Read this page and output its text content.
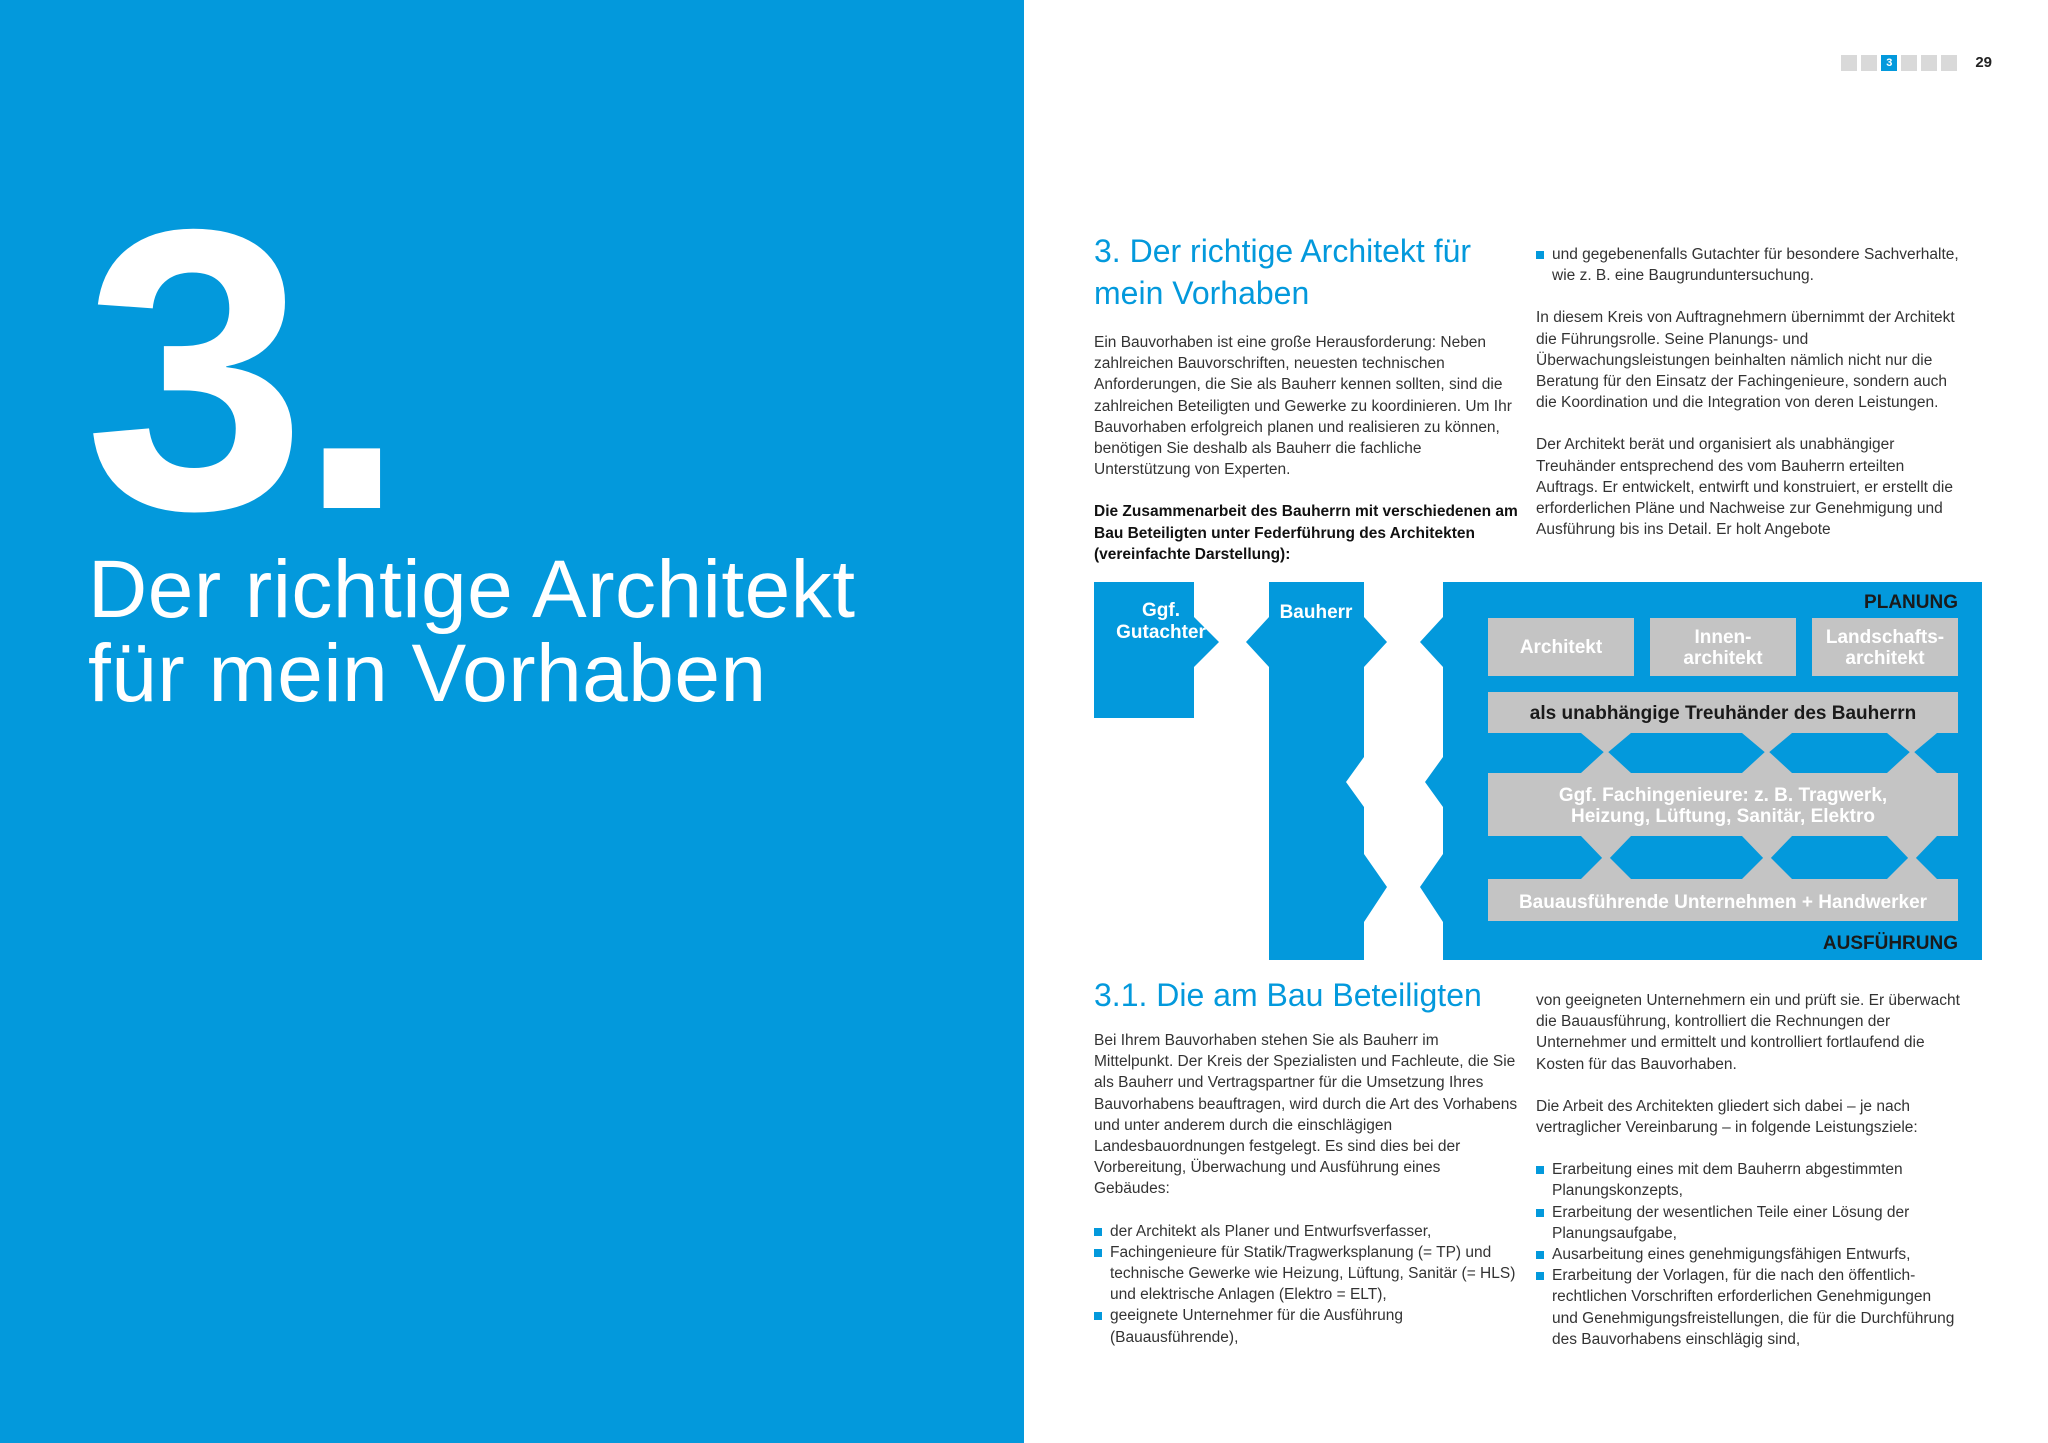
3.
Der richtige Architekt
für mein Vorhaben
3	29
3. Der richtige Architekt für
mein Vorhaben

Ein Bauvorhaben ist eine große Herausforderung: Neben zahlreichen Bauvorschriften, neuesten technischen Anforderungen, die Sie als Bauherr kennen sollten, sind die zahlreichen Beteiligten und Gewerke zu koordinieren. Um Ihr Bauvorhaben erfolgreich planen und realisieren zu können, benötigen Sie deshalb als Bauherr die fachliche Unterstützung von Experten.

Die Zusammenarbeit des Bauherrn mit verschiedenen am Bau Beteiligten unter Federführung des Architekten (vereinfachte Darstellung):

und gegebenenfalls Gutachter für besondere Sachverhalte, wie z. B. eine Baugrunduntersuchung.

In diesem Kreis von Auftragnehmern übernimmt der Architekt die Führungsrolle. Seine Planungs- und Überwachungsleistungen beinhalten nämlich nicht nur die Beratung für den Einsatz der Fachingenieure, sondern auch die Koordination und die Integration von deren Leistungen.

Der Architekt berät und organisiert als unabhängiger Treuhänder entsprechend des vom Bauherrn erteilten Auftrags. Er entwickelt, entwirft und konstruiert, er erstellt die erforderlichen Pläne und Nachweise zur Genehmigung und Ausführung bis ins Detail. Er holt Angebote

Ggf.
Gutachter
Bauherr	PLANUNG
AUSFÜHRUNG
Architekt	Innen-
architekt
Landschafts-
architekt
als unabhängige Treuhänder des Bauherrn
Ggf. Fachingenieure: z. B. Tragwerk,
Heizung, Lüftung, Sanitär, Elektro
Bauausführende Unternehmen + Handwerker
3.1. Die am Bau Beteiligten

Bei Ihrem Bauvorhaben stehen Sie als Bauherr im Mittelpunkt. Der Kreis der Spezialisten und Fachleute, die Sie als Bauherr und Vertragspartner für die Umsetzung Ihres Bauvorhabens beauftragen, wird durch die Art des Vorhabens und unter anderem durch die einschlägigen Landesbauordnungen festgelegt. Es sind dies bei der Vorbereitung, Überwachung und Ausführung eines Gebäudes:

der Architekt als Planer und Entwurfsverfasser,
Fachingenieure für Statik/Tragwerksplanung (= TP) und technische Gewerke wie Heizung, Lüftung, Sanitär (= HLS) und elektrische Anlagen (Elektro = ELT),
geeignete Unternehmer für die Ausführung (Bauausführende),

von geeigneten Unternehmern ein und prüft sie. Er überwacht die Bauausführung, kontrolliert die Rechnungen der Unternehmer und ermittelt und kontrolliert fortlaufend die Kosten für das Bauvorhaben.

Die Arbeit des Architekten gliedert sich dabei – je nach vertraglicher Vereinbarung – in folgende Leistungsziele:

Erarbeitung eines mit dem Bauherrn abgestimmten Planungskonzepts,
Erarbeitung der wesentlichen Teile einer Lösung der Planungsaufgabe,
Ausarbeitung eines genehmigungsfähigen Entwurfs,
Erarbeitung der Vorlagen, für die nach den öffentlich-rechtlichen Vorschriften erforderlichen Genehmigungen und Genehmigungsfreistellungen, die für die Durchführung des Bauvorhabens einschlägig sind,
